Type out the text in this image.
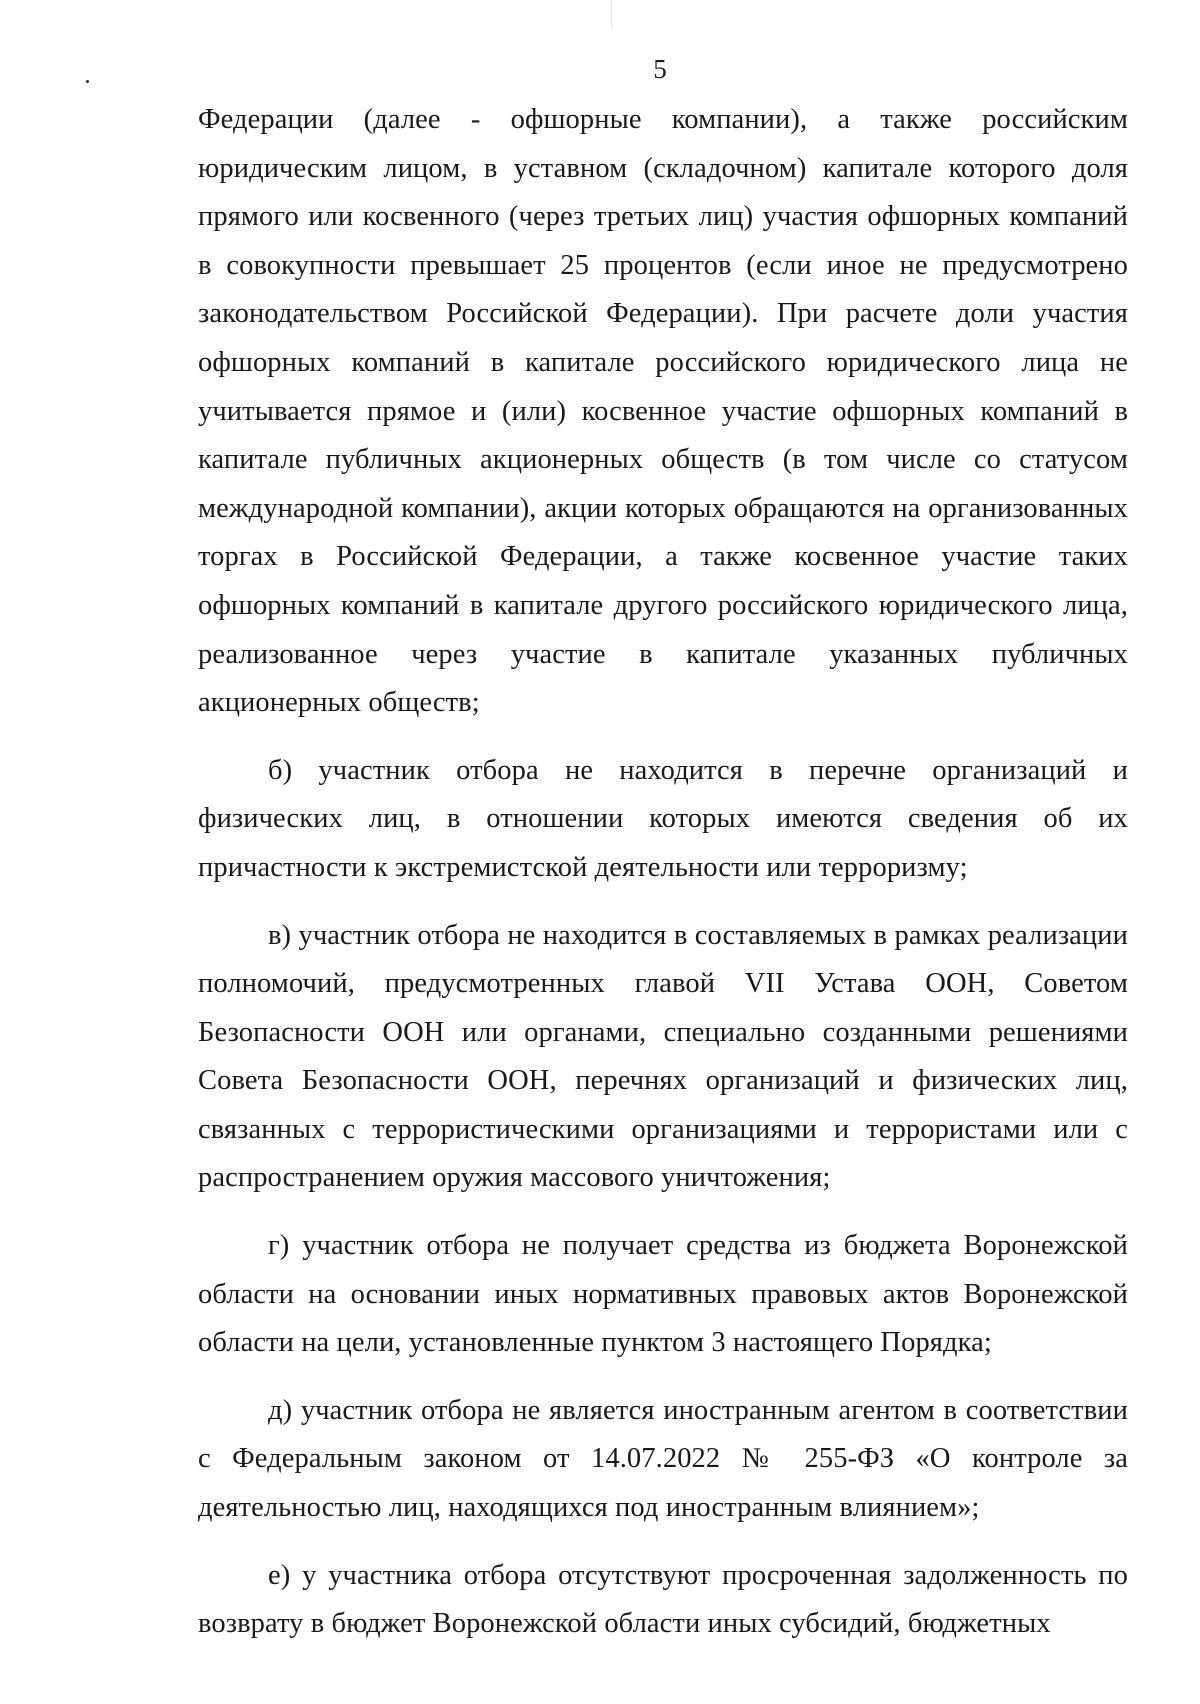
5

Федерации (далее - офшорные компании), а также российским юридическим лицом, в уставном (складочном) капитале которого доля прямого или косвенного (через третьих лиц) участия офшорных компаний в совокупности превышает 25 процентов (если иное не предусмотрено законодательством Российской Федерации). При расчете доли участия офшорных компаний в капитале российского юридического лица не учитывается прямое и (или) косвенное участие офшорных компаний в капитале публичных акционерных обществ (в том числе со статусом международной компании), акции которых обращаются на организованных торгах в Российской Федерации, а также косвенное участие таких офшорных компаний в капитале другого российского юридического лица, реализованное через участие в капитале указанных публичных акционерных обществ;

б) участник отбора не находится в перечне организаций и физических лиц, в отношении которых имеются сведения об их причастности к экстремистской деятельности или терроризму;

в) участник отбора не находится в составляемых в рамках реализации полномочий, предусмотренных главой VII Устава ООН, Советом Безопасности ООН или органами, специально созданными решениями Совета Безопасности ООН, перечнях организаций и физических лиц, связанных с террористическими организациями и террористами или с распространением оружия массового уничтожения;

г) участник отбора не получает средства из бюджета Воронежской области на основании иных нормативных правовых актов Воронежской области на цели, установленные пунктом 3 настоящего Порядка;

д) участник отбора не является иностранным агентом в соответствии с Федеральным законом от 14.07.2022 № 255-ФЗ «О контроле за деятельностью лиц, находящихся под иностранным влиянием»;

е) у участника отбора отсутствуют просроченная задолженность по возврату в бюджет Воронежской области иных субсидий, бюджетных
